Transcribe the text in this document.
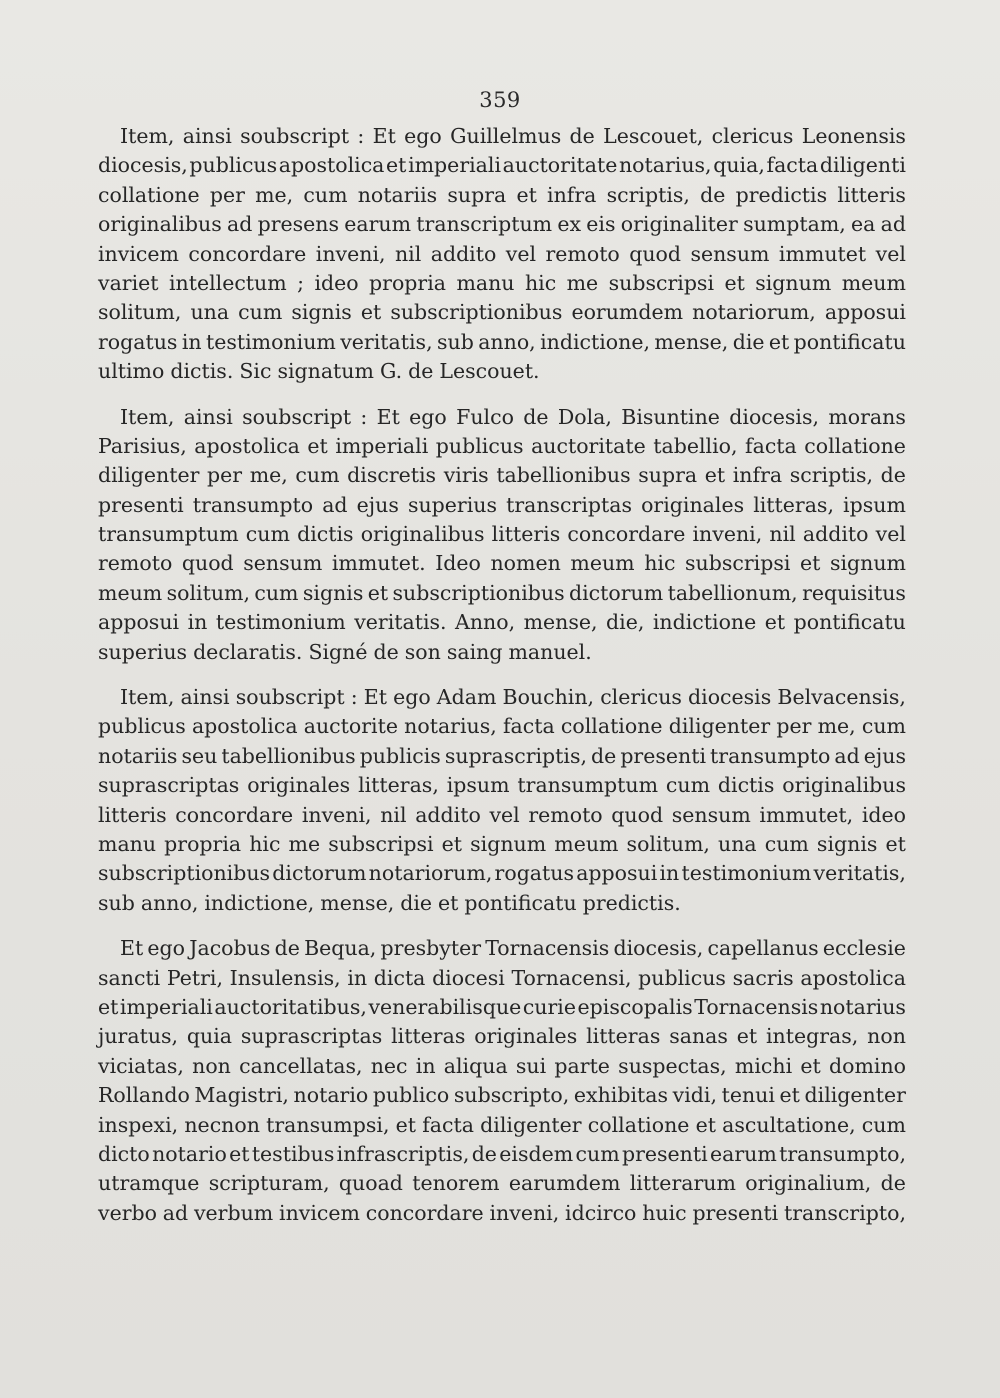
359
Item, ainsi soubscript : Et ego Guillelmus de Lescouet, clericus Leonensis
diocesis, publicus apostolica et imperiali auctoritate notarius, quia, facta diligenti
collatione per me, cum notariis supra et infra scriptis, de predictis litteris
originalibus ad presens earum transcriptum ex eis originaliter sumptam, ea ad
invicem concordare inveni, nil addito vel remoto quod sensum immutet vel
variet intellectum ; ideo propria manu hic me subscripsi et signum meum
solitum, una cum signis et subscriptionibus eorumdem notariorum, apposui
rogatus in testimonium veritatis, sub anno, indictione, mense, die et pontificatu
ultimo dictis. Sic signatum G. de Lescouet.
Item, ainsi soubscript : Et ego Fulco de Dola, Bisuntine diocesis, morans
Parisius, apostolica et imperiali publicus auctoritate tabellio, facta collatione
diligenter per me, cum discretis viris tabellionibus supra et infra scriptis, de
presenti transumpto ad ejus superius transcriptas originales litteras, ipsum
transumptum cum dictis originalibus litteris concordare inveni, nil addito vel
remoto quod sensum immutet. Ideo nomen meum hic subscripsi et signum
meum solitum, cum signis et subscriptionibus dictorum tabellionum, requisitus
apposui in testimonium veritatis. Anno, mense, die, indictione et pontificatu
superius declaratis. Signé de son saing manuel.
Item, ainsi soubscript : Et ego Adam Bouchin, clericus diocesis Belvacensis,
publicus apostolica auctorite notarius, facta collatione diligenter per me, cum
notariis seu tabellionibus publicis suprascriptis, de presenti transumpto ad ejus
suprascriptas originales litteras, ipsum transumptum cum dictis originalibus
litteris concordare inveni, nil addito vel remoto quod sensum immutet, ideo
manu propria hic me subscripsi et signum meum solitum, una cum signis et
subscriptionibus dictorum notariorum, rogatus apposui in testimonium veritatis,
sub anno, indictione, mense, die et pontificatu predictis.
Et ego Jacobus de Bequa, presbyter Tornacensis diocesis, capellanus ecclesie
sancti Petri, Insulensis, in dicta diocesi Tornacensi, publicus sacris apostolica
et imperiali auctoritatibus, venerabilisque curie episcopalis Tornacensis notarius
juratus, quia suprascriptas litteras originales litteras sanas et integras, non
viciatas, non cancellatas, nec in aliqua sui parte suspectas, michi et domino
Rollando Magistri, notario publico subscripto, exhibitas vidi, tenui et diligenter
inspexi, necnon transumpsi, et facta diligenter collatione et ascultatione, cum
dicto notario et testibus infrascriptis, de eisdem cum presenti earum transumpto,
utramque scripturam, quoad tenorem earumdem litterarum originalium, de
verbo ad verbum invicem concordare inveni, idcirco huic presenti transcripto,
